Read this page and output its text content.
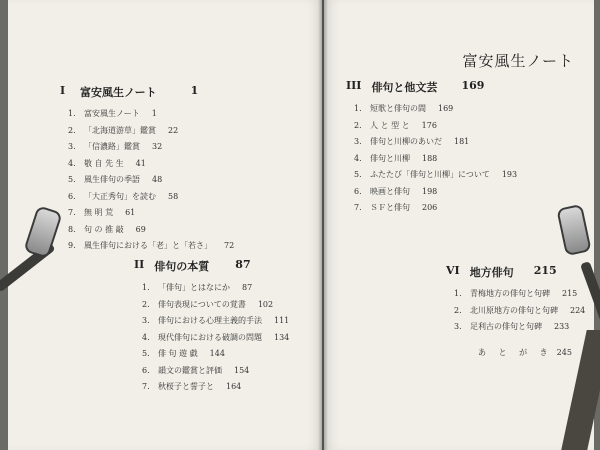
富安風生ノート
I	富安風生ノート	1
1.	富安風生ノート 1
2.	「北海道游草」鑑賞 22
3.	「信濃路」鑑賞 32
4.	敬 自 先 生 41
5.	風生俳句の季語 48
6.	「大正秀句」を読む 58
7.	無 明 荒 61
8.	句 の 推 敲 69
9.	風生俳句における「老」と「若さ」 72
II 俳句の本質 87
1.	「俳句」とはなにか 87
2.	俳句表現についての覚書 102
3.	俳句における心理主義的手法 111
4.	現代俳句における破調の問題 134
5.	俳 句 遊 戯 144
6.	韻文の鑑賞と評価 154
7.	秋桜子と誓子と 164
III 俳句と他文芸 169
1.	短歌と俳句の間 169
2.	人 と 型 と 176
3.	俳句と川柳のあいだ 181
4.	俳句と川柳 188
5.	ふたたび「俳句と川柳」について 193
6.	映画と俳句 198
7.	ＳＦと俳句 206
VI 地方俳句 215
1.	青梅地方の俳句と句碑 215
2.	北川原地方の俳句と句碑 224
3.	足利古の俳句と句碑 233
あ と が き 245
